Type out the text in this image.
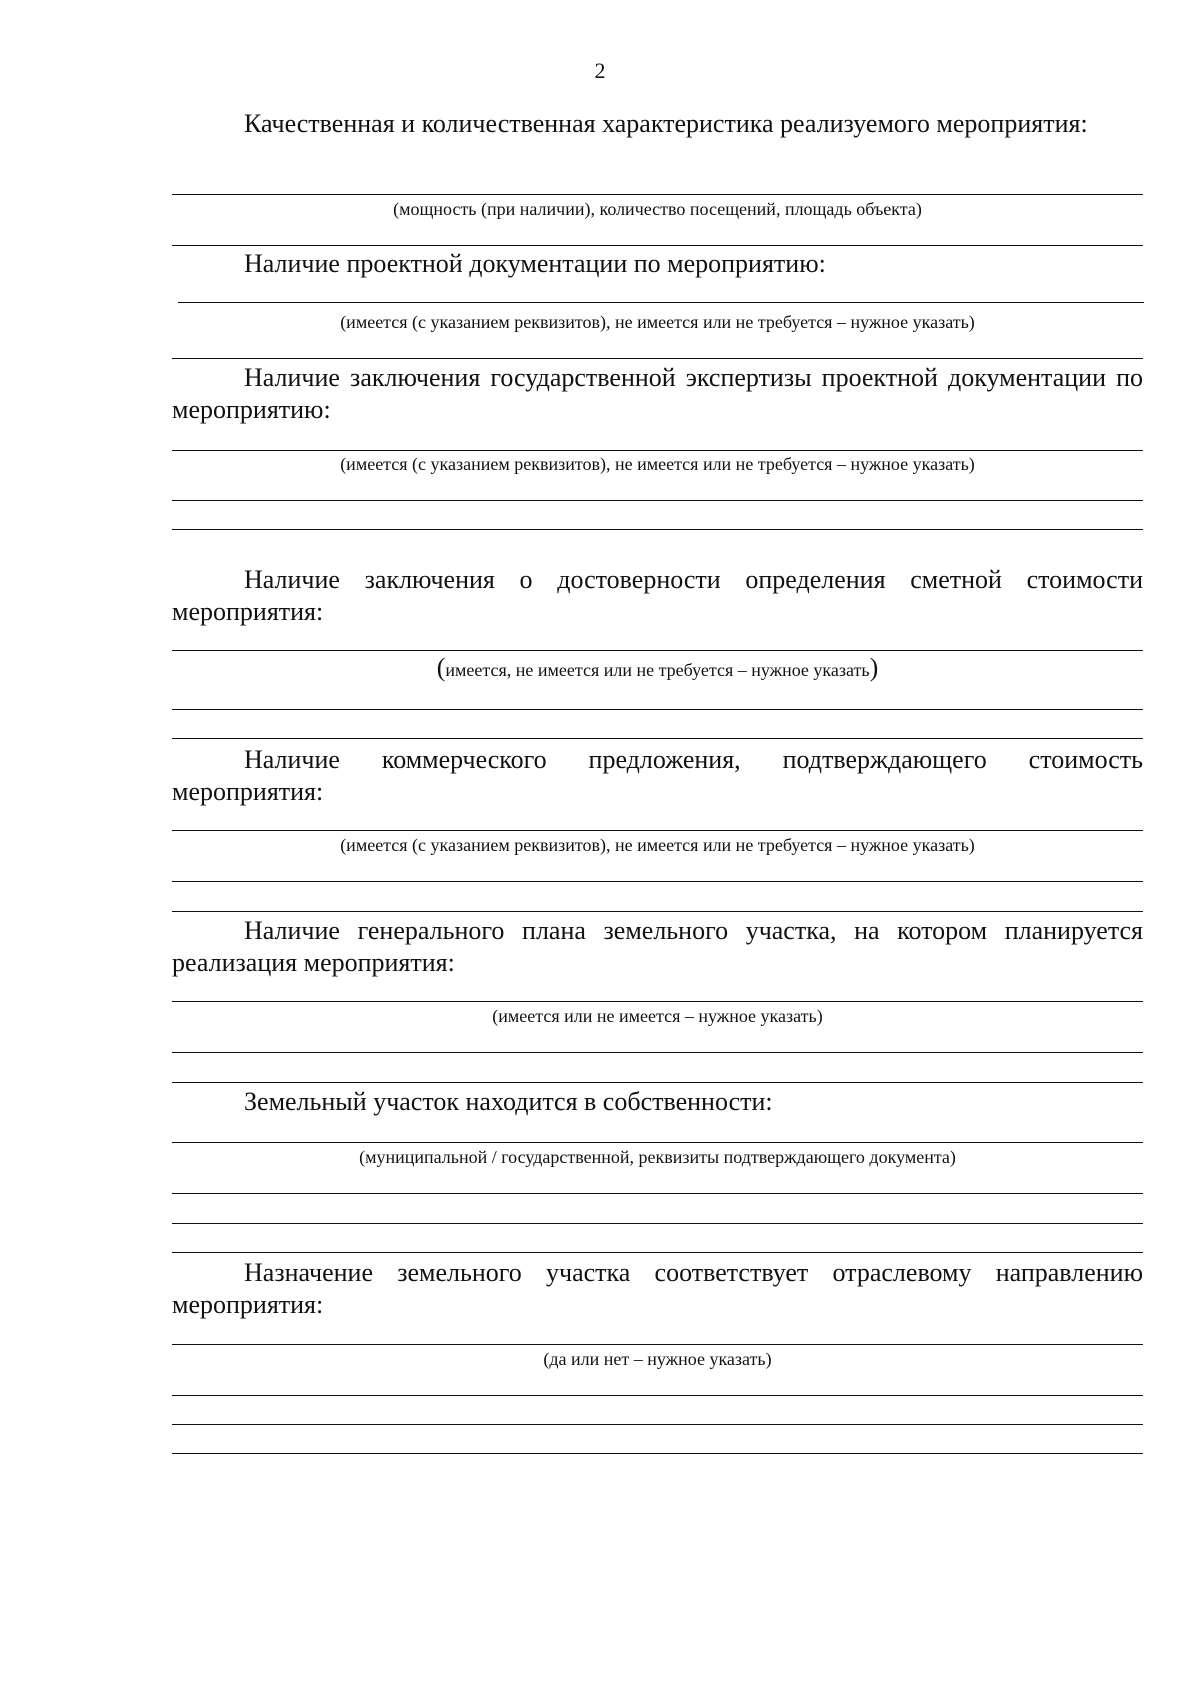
2

Качественная и количественная характеристика реализуемого мероприятия:

(мощность (при наличии), количество посещений, площадь объекта)

Наличие проектной документации по мероприятию:

(имеется (с указанием реквизитов), не имеется или не требуется – нужное указать)

Наличие заключения государственной экспертизы проектной документации по мероприятию:

(имеется (с указанием реквизитов), не имеется или не требуется – нужное указать)

Наличие заключения о достоверности определения сметной стоимости мероприятия:

(имеется, не имеется или не требуется – нужное указать)

Наличие коммерческого предложения, подтверждающего стоимость мероприятия:

(имеется (с указанием реквизитов), не имеется или не требуется – нужное указать)

Наличие генерального плана земельного участка, на котором планируется реализация мероприятия:

(имеется или не имеется – нужное указать)

Земельный участок находится в собственности:

(муниципальной / государственной, реквизиты подтверждающего документа)

Назначение земельного участка соответствует отраслевому направлению мероприятия:

(да или нет – нужное указать)
